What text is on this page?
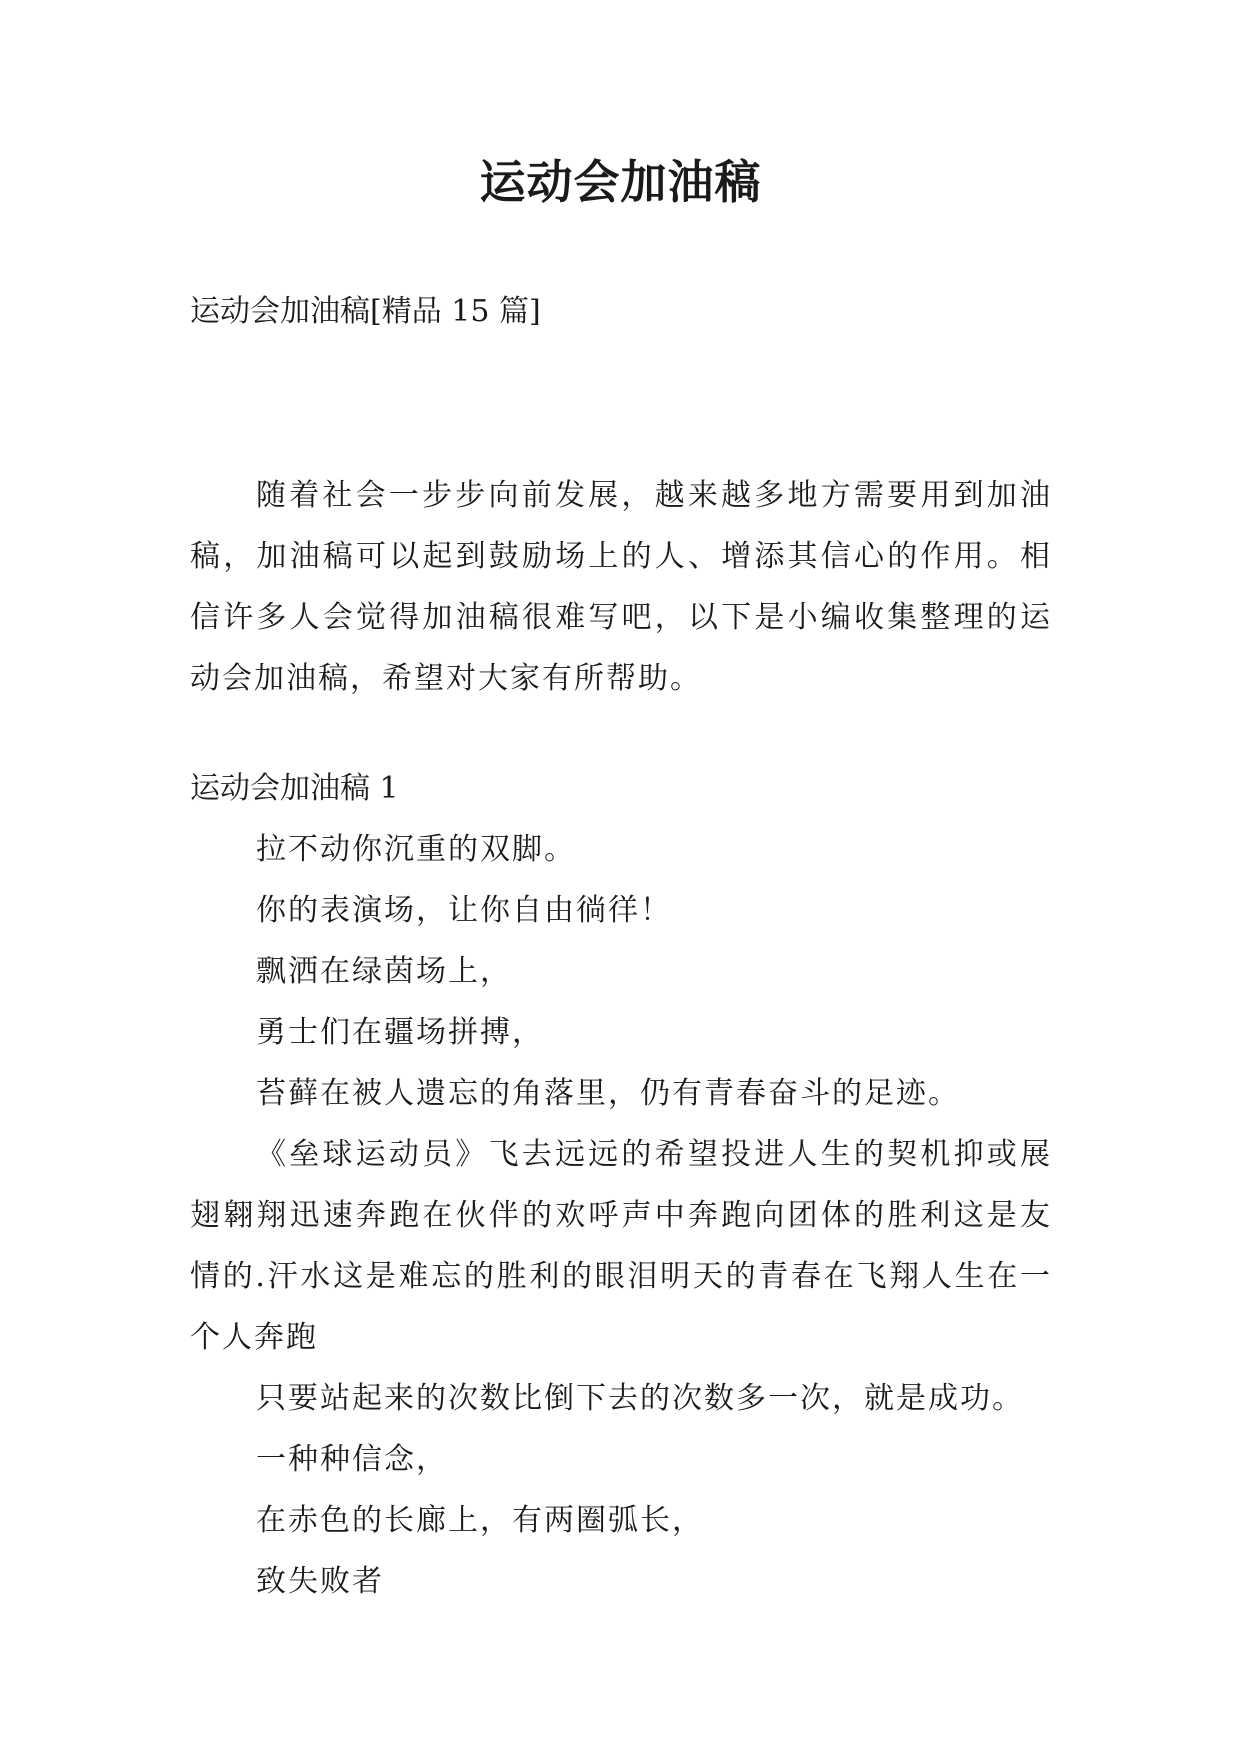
运动会加油稿

运动会加油稿[精品 15 篇]

随着社会一步步向前发展，越来越多地方需要用到加油稿，加油稿可以起到鼓励场上的人、增添其信心的作用。相信许多人会觉得加油稿很难写吧，以下是小编收集整理的运动会加油稿，希望对大家有所帮助。

运动会加油稿 1

拉不动你沉重的双脚。

你的表演场，让你自由徜徉！

飘洒在绿茵场上，

勇士们在疆场拼搏，

苔藓在被人遗忘的角落里，仍有青春奋斗的足迹。

《垒球运动员》飞去远远的希望投进人生的契机抑或展翅翱翔迅速奔跑在伙伴的欢呼声中奔跑向团体的胜利这是友情的.汗水这是难忘的胜利的眼泪明天的青春在飞翔人生在一个人奔跑

只要站起来的次数比倒下去的次数多一次，就是成功。

一种种信念，

在赤色的长廊上，有两圈弧长，

致失败者
